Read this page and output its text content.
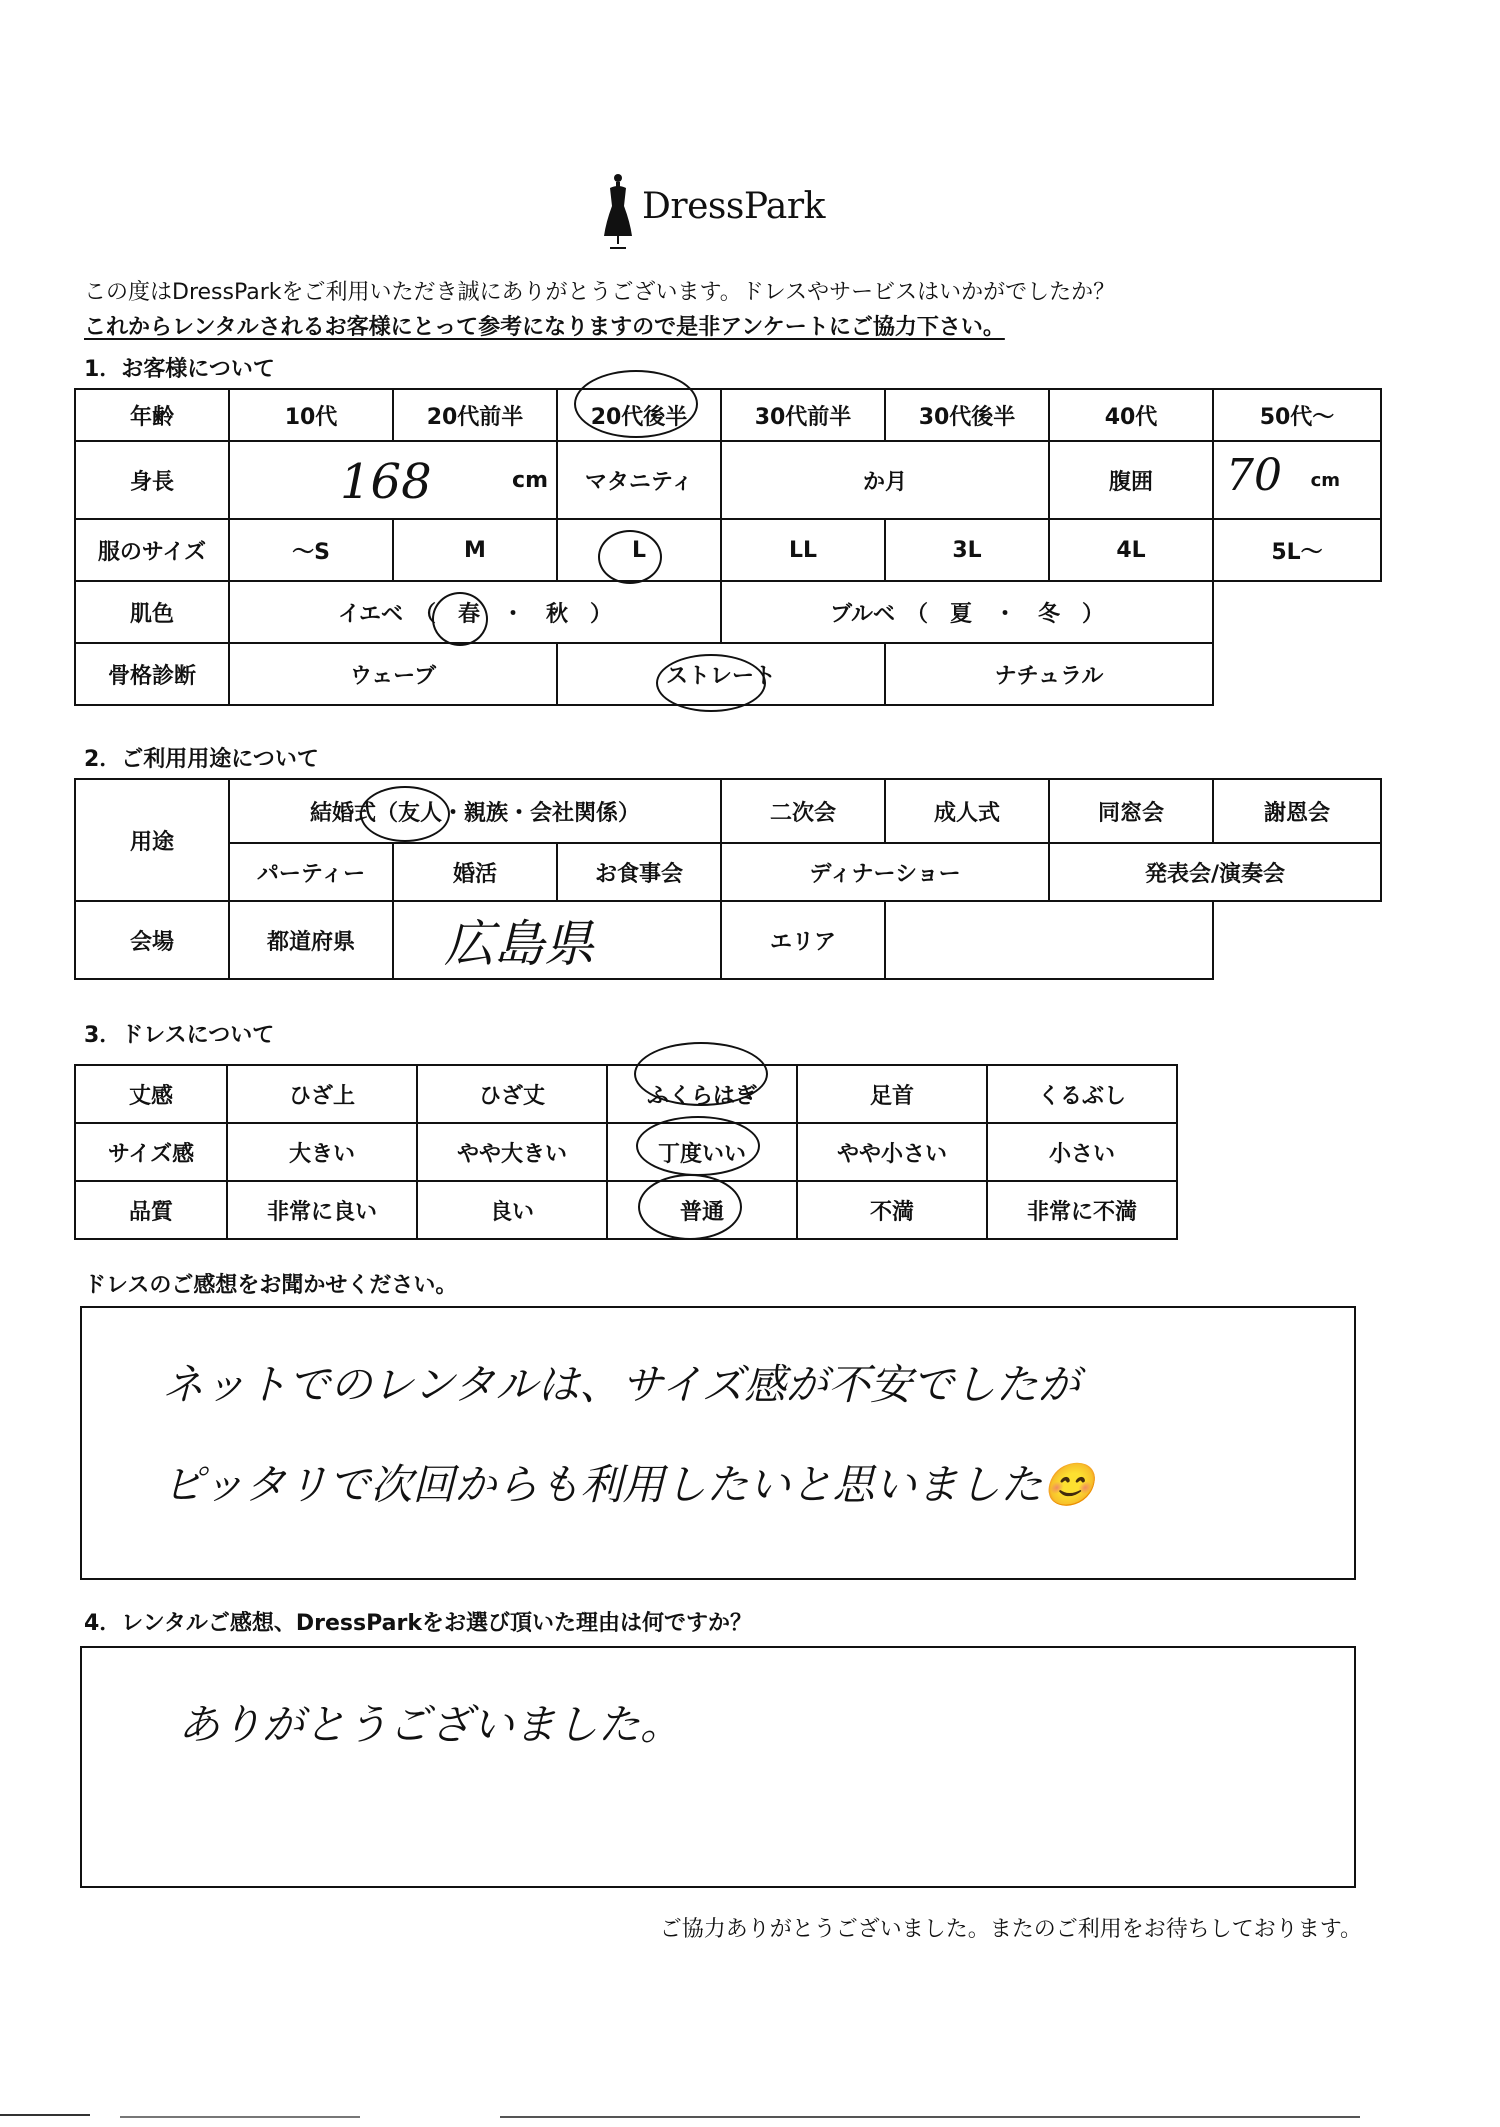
DressPark
この度はDressParkをご利用いただき誠にありがとうございます。ドレスやサービスはいかがでしたか？
これからレンタルされるお客様にとって参考になりますので是非アンケートにご協力下さい。
1．お客様について
年齢	10代	20代前半	20代後半	30代前半	30代後半	40代	50代～
身長	168 cm		マタニティ	か月		腹囲	70 cm
服のサイズ	～S	M	L	LL	3L	4L	5L～
肌色	イエベ　（　春　・　秋　）			ブルベ　（　夏　・　冬　）			
骨格診断	ウェーブ		ストレート		ナチュラル		
2．ご利用用途について
用途	結婚式（友人・親族・会社関係）			二次会	成人式	同窓会	謝恩会
	パーティー	婚活	お食事会	ディナーショー		発表会/演奏会	
会場	都道府県	広島県		エリア			
3．ドレスについて
丈感	ひざ上	ひざ丈	ふくらはぎ	足首	くるぶし
サイズ感	大きい	やや大きい	丁度いい	やや小さい	小さい
品質	非常に良い	良い	普通	不満	非常に不満
ドレスのご感想をお聞かせください。
ネットでのレンタルは、サイズ感が不安でしたが
ピッタリで次回からも利用したいと思いました😊
4．レンタルご感想、DressParkをお選び頂いた理由は何ですか？
ありがとうございました。
ご協力ありがとうございました。またのご利用をお待ちしております。
